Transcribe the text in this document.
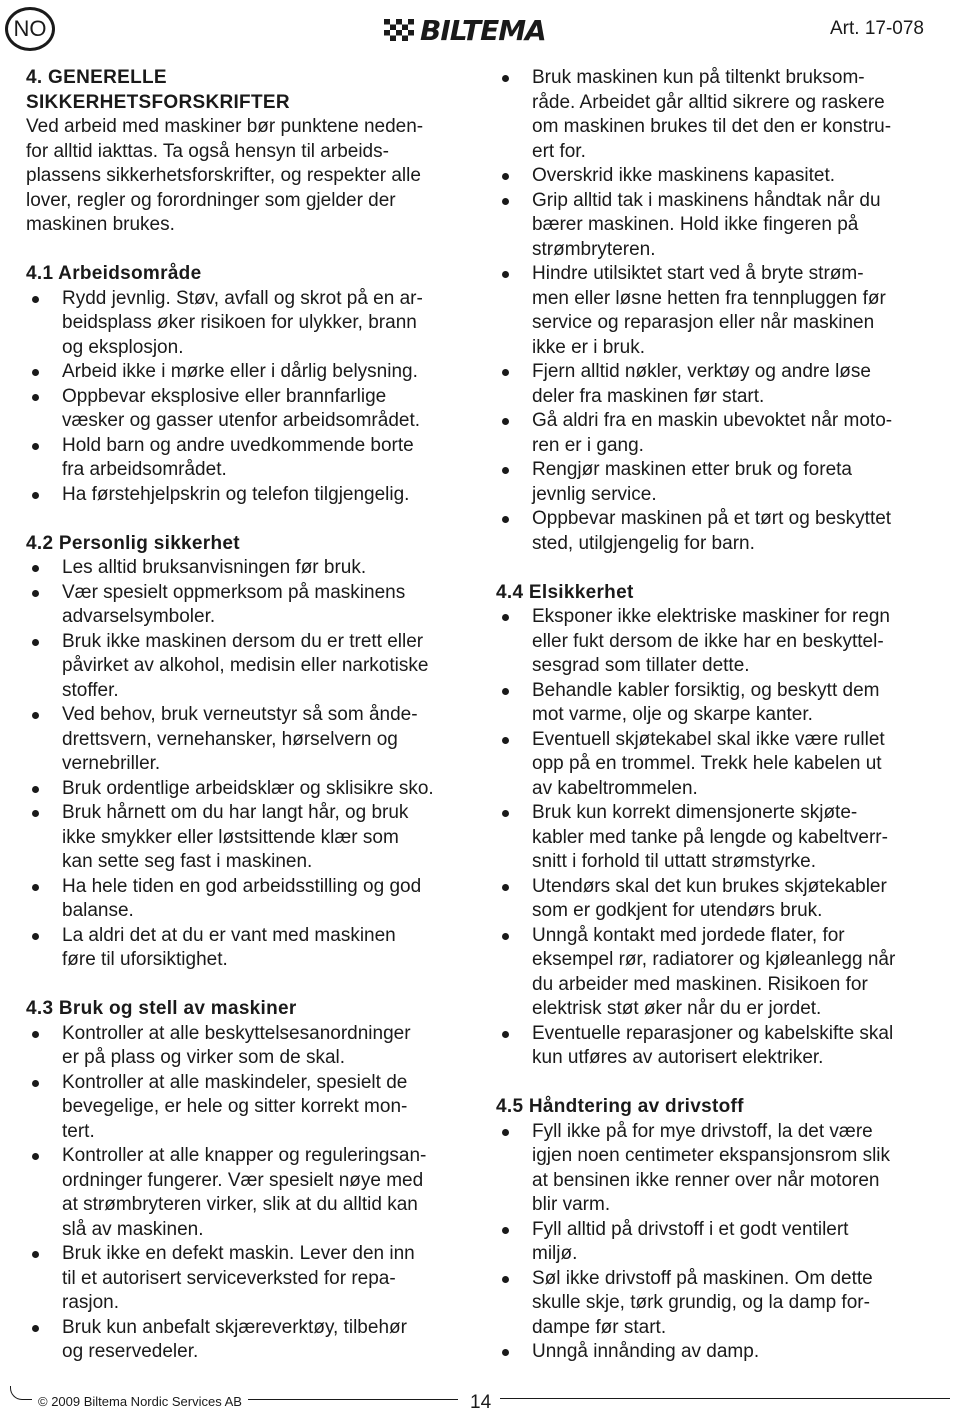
NO	BILTEMA	Art. 17-078

4. GENERELLE

SIKKERHETSFORSKRIFTER

Ved arbeid med maskiner bør punktene neden-

for alltid iakttas. Ta også hensyn til arbeids-

plassens sikkerhetsforskrifter, og respekter alle

lover, regler og forordninger som gjelder der

maskinen brukes.

4.1 Arbeidsområde

Rydd jevnlig. Støv, avfall og skrot på en ar-
beidsplass øker risikoen for ulykker, brann
og eksplosjon.
Arbeid ikke i mørke eller i dårlig belysning.
Oppbevar eksplosive eller brannfarlige
væsker og gasser utenfor arbeidsområdet.
Hold barn og andre uvedkommende borte
fra arbeidsområdet.
Ha førstehjelpskrin og telefon tilgjengelig.

4.2 Personlig sikkerhet

Les alltid bruksanvisningen før bruk.
Vær spesielt oppmerksom på maskinens
advarselsymboler.
Bruk ikke maskinen dersom du er trett eller
påvirket av alkohol, medisin eller narkotiske
stoffer.
Ved behov, bruk verneutstyr så som ånde-
drettsvern, vernehansker, hørselvern og
vernebriller.
Bruk ordentlige arbeidsklær og sklisikre sko.
Bruk hårnett om du har langt hår, og bruk
ikke smykker eller løstsittende klær som
kan sette seg fast i maskinen.
Ha hele tiden en god arbeidsstilling og god
balanse.
La aldri det at du er vant med maskinen
føre til uforsiktighet.

4.3 Bruk og stell av maskiner

Kontroller at alle beskyttelsesanordninger
er på plass og virker som de skal.
Kontroller at alle maskindeler, spesielt de
bevegelige, er hele og sitter korrekt mon-
tert.
Kontroller at alle knapper og reguleringsan-
ordninger fungerer. Vær spesielt nøye med
at strømbryteren virker, slik at du alltid kan
slå av maskinen.
Bruk ikke en defekt maskin. Lever den inn
til et autorisert serviceverksted for repa-
rasjon.
Bruk kun anbefalt skjæreverktøy, tilbehør
og reservedeler.
Bruk maskinen kun på tiltenkt bruksom-
råde. Arbeidet går alltid sikrere og raskere
om maskinen brukes til det den er konstru-
ert for.
Overskrid ikke maskinens kapasitet.
Grip alltid tak i maskinens håndtak når du
bærer maskinen. Hold ikke fingeren på
strømbryteren.
Hindre utilsiktet start ved å bryte strøm-
men eller løsne hetten fra tennpluggen før
service og reparasjon eller når maskinen
ikke er i bruk.
Fjern alltid nøkler, verktøy og andre løse
deler fra maskinen før start.
Gå aldri fra en maskin ubevoktet når moto-
ren er i gang.
Rengjør maskinen etter bruk og foreta
jevnlig service.
Oppbevar maskinen på et tørt og beskyttet
sted, utilgjengelig for barn.

4.4 Elsikkerhet

Eksponer ikke elektriske maskiner for regn
eller fukt dersom de ikke har en beskyttel-
sesgrad som tillater dette.
Behandle kabler forsiktig, og beskytt dem
mot varme, olje og skarpe kanter.
Eventuell skjøtekabel skal ikke være rullet
opp på en trommel. Trekk hele kabelen ut
av kabeltrommelen.
Bruk kun korrekt dimensjonerte skjøte-
kabler med tanke på lengde og kabeltverr-
snitt i forhold til uttatt strømstyrke.
Utendørs skal det kun brukes skjøtekabler
som er godkjent for utendørs bruk.
Unngå kontakt med jordede flater, for
eksempel rør, radiatorer og kjøleanlegg når
du arbeider med maskinen. Risikoen for
elektrisk støt øker når du er jordet.
Eventuelle reparasjoner og kabelskifte skal
kun utføres av autorisert elektriker.

4.5 Håndtering av drivstoff

Fyll ikke på for mye drivstoff, la det være
igjen noen centimeter ekspansjonsrom slik
at bensinen ikke renner over når motoren
blir varm.
Fyll alltid på drivstoff i et godt ventilert
miljø.
Søl ikke drivstoff på maskinen. Om dette
skulle skje, tørk grundig, og la damp for-
dampe før start.
Unngå innånding av damp.
© 2009 Biltema Nordic Services AB	14
